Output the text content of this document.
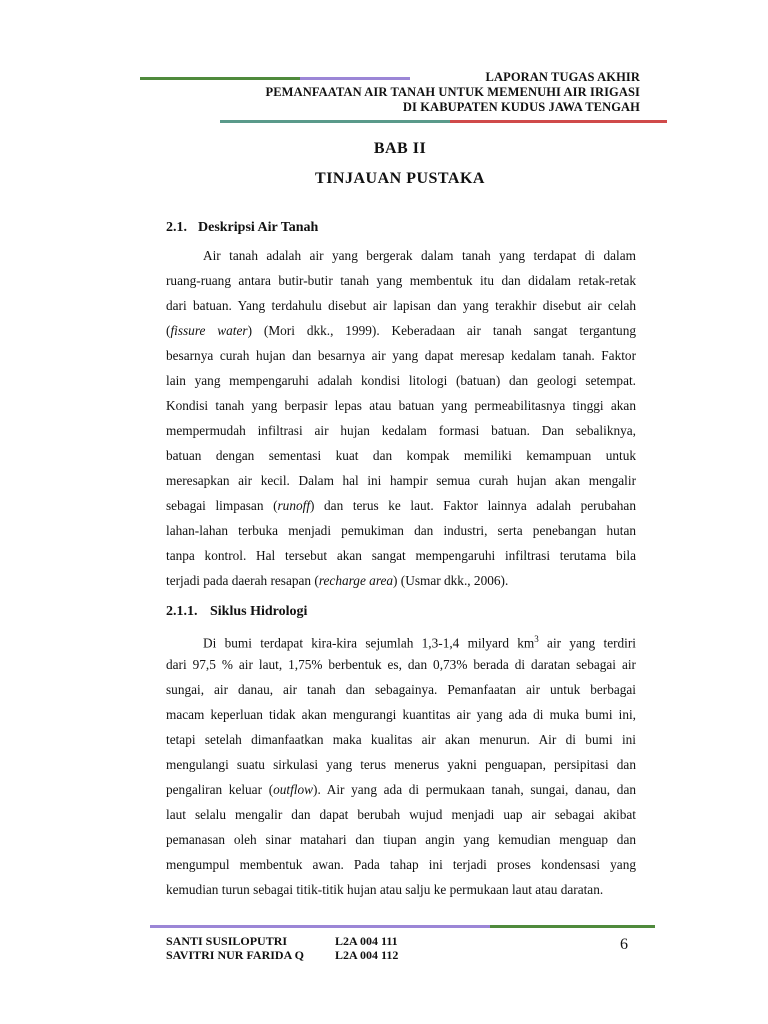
LAPORAN TUGAS AKHIR
PEMANFAATAN AIR TANAH UNTUK MEMENUHI AIR IRIGASI
DI KABUPATEN KUDUS JAWA TENGAH
BAB II
TINJAUAN PUSTAKA
2.1. Deskripsi Air Tanah
Air tanah adalah air yang bergerak dalam tanah yang terdapat di dalam
ruang-ruang antara butir-butir tanah yang membentuk itu dan didalam retak-retak
dari batuan. Yang terdahulu disebut air lapisan dan yang terakhir disebut air celah
(fissure water) (Mori dkk., 1999). Keberadaan air tanah sangat tergantung
besarnya curah hujan dan besarnya air yang dapat meresap kedalam tanah. Faktor
lain yang mempengaruhi adalah kondisi litologi (batuan) dan geologi setempat.
Kondisi tanah yang berpasir lepas atau batuan yang permeabilitasnya tinggi akan
mempermudah infiltrasi air hujan kedalam formasi batuan. Dan sebaliknya,
batuan dengan sementasi kuat dan kompak memiliki kemampuan untuk
meresapkan air kecil. Dalam hal ini hampir semua curah hujan akan mengalir
sebagai limpasan (runoff) dan terus ke laut. Faktor lainnya adalah perubahan
lahan-lahan terbuka menjadi pemukiman dan industri, serta penebangan hutan
tanpa kontrol. Hal tersebut akan sangat mempengaruhi infiltrasi terutama bila
terjadi pada daerah resapan (recharge area) (Usmar dkk., 2006).
2.1.1. Siklus Hidrologi
Di bumi terdapat kira-kira sejumlah 1,3-1,4 milyard $km^3$ air yang terdiri
dari 97,5 % air laut, 1,75% berbentuk es, dan 0,73% berada di daratan sebagai air
sungai, air danau, air tanah dan sebagainya. Pemanfaatan air untuk berbagai
macam keperluan tidak akan mengurangi kuantitas air yang ada di muka bumi ini,
tetapi setelah dimanfaatkan maka kualitas air akan menurun. Air di bumi ini
mengulangi suatu sirkulasi yang terus menerus yakni penguapan, persipitasi dan
pengaliran keluar (outflow). Air yang ada di permukaan tanah, sungai, danau, dan
laut selalu mengalir dan dapat berubah wujud menjadi uap air sebagai akibat
pemanasan oleh sinar matahari dan tiupan angin yang kemudian menguap dan
mengumpul membentuk awan. Pada tahap ini terjadi proses kondensasi yang
kemudian turun sebagai titik-titik hujan atau salju ke permukaan laut atau daratan.
SANTI SUSILOPUTRI	L2A 004 111
SAVITRI NUR FARIDA Q	L2A 004 112
6
